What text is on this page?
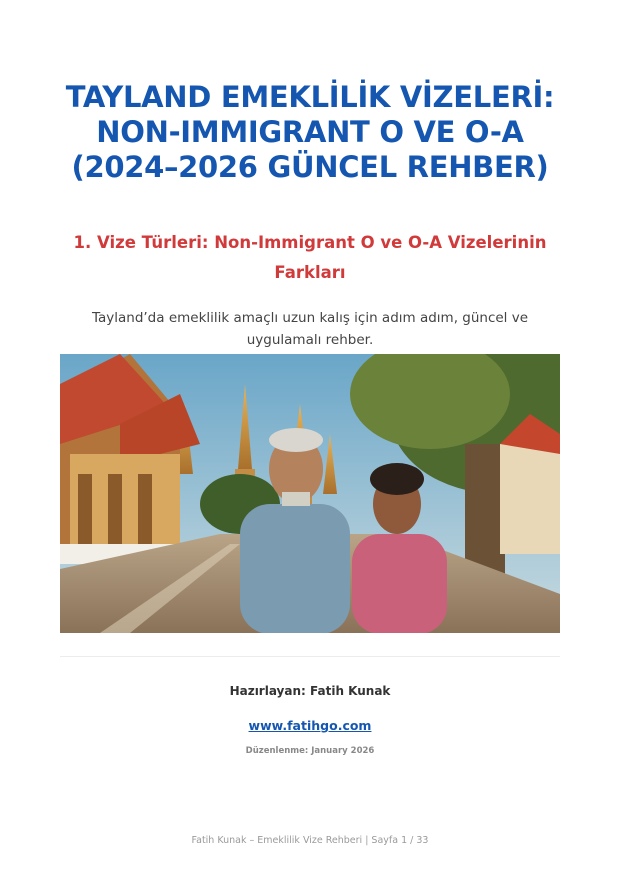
TAYLAND EMEKLİLİK VİZELERİ: NON-IMMIGRANT O VE O-A (2024–2026 GÜNCEL REHBER)
1. Vize Türleri: Non-Immigrant O ve O-A Vizelerinin Farkları

Tayland’da emeklilik amaçlı uzun kalış için adım adım, güncel ve uygulamalı rehber.

Hazırlayan: Fatih Kunak
www.fatihgo.com
Düzenlenme: January 2026
Fatih Kunak – Emeklilik Vize Rehberi | Sayfa 1 / 33
